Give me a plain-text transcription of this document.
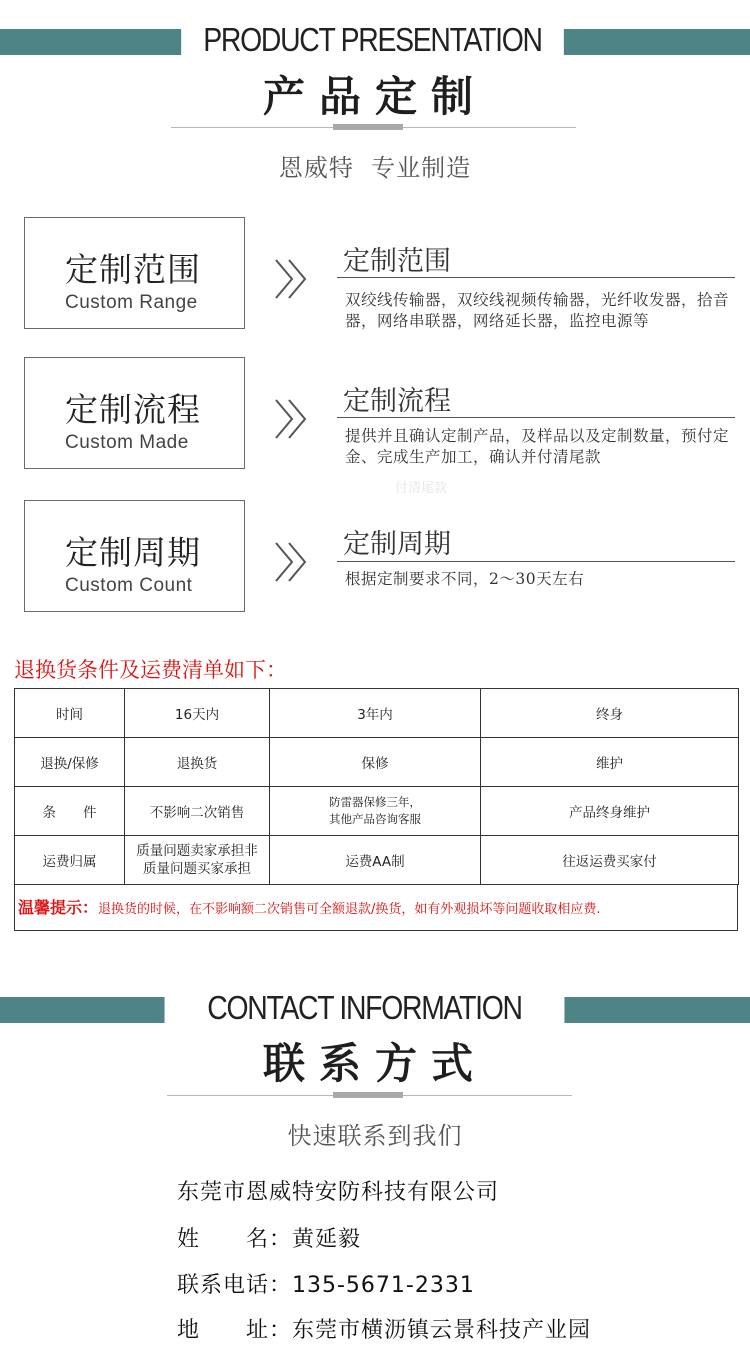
PRODUCT PRESENTATION
产品定制
恩威特  专业制造
定制范围
Custom Range
定制范围
双绞线传输器，双绞线视频传输器，光纤收发器，拾音器，网络串联器，网络延长器，监控电源等
定制流程
Custom Made
定制流程
提供并且确认定制产品，及样品以及定制数量，预付定金、完成生产加工，确认并付清尾款
付清尾款
定制周期
Custom Count
定制周期
根据定制要求不同，2～30天左右
退换货条件及运费清单如下：
时间	16天内	3年内	终身
退换/保修	退换货	保修	维护
条　　件	不影响二次销售	防雷器保修三年，
其他产品咨询客服	产品终身维护
运费归属	质量问题卖家承担非
质量问题买家承担	运费AA制	往返运费买家付
温馨提示：退换货的时候，在不影响额二次销售可全额退款/换货，如有外观损坏等问题收取相应费.
CONTACT INFORMATION
联系方式
快速联系到我们
东莞市恩威特安防科技有限公司
姓　　名：黄延毅
联系电话：135-5671-2331
地　　址：东莞市横沥镇云景科技产业园
